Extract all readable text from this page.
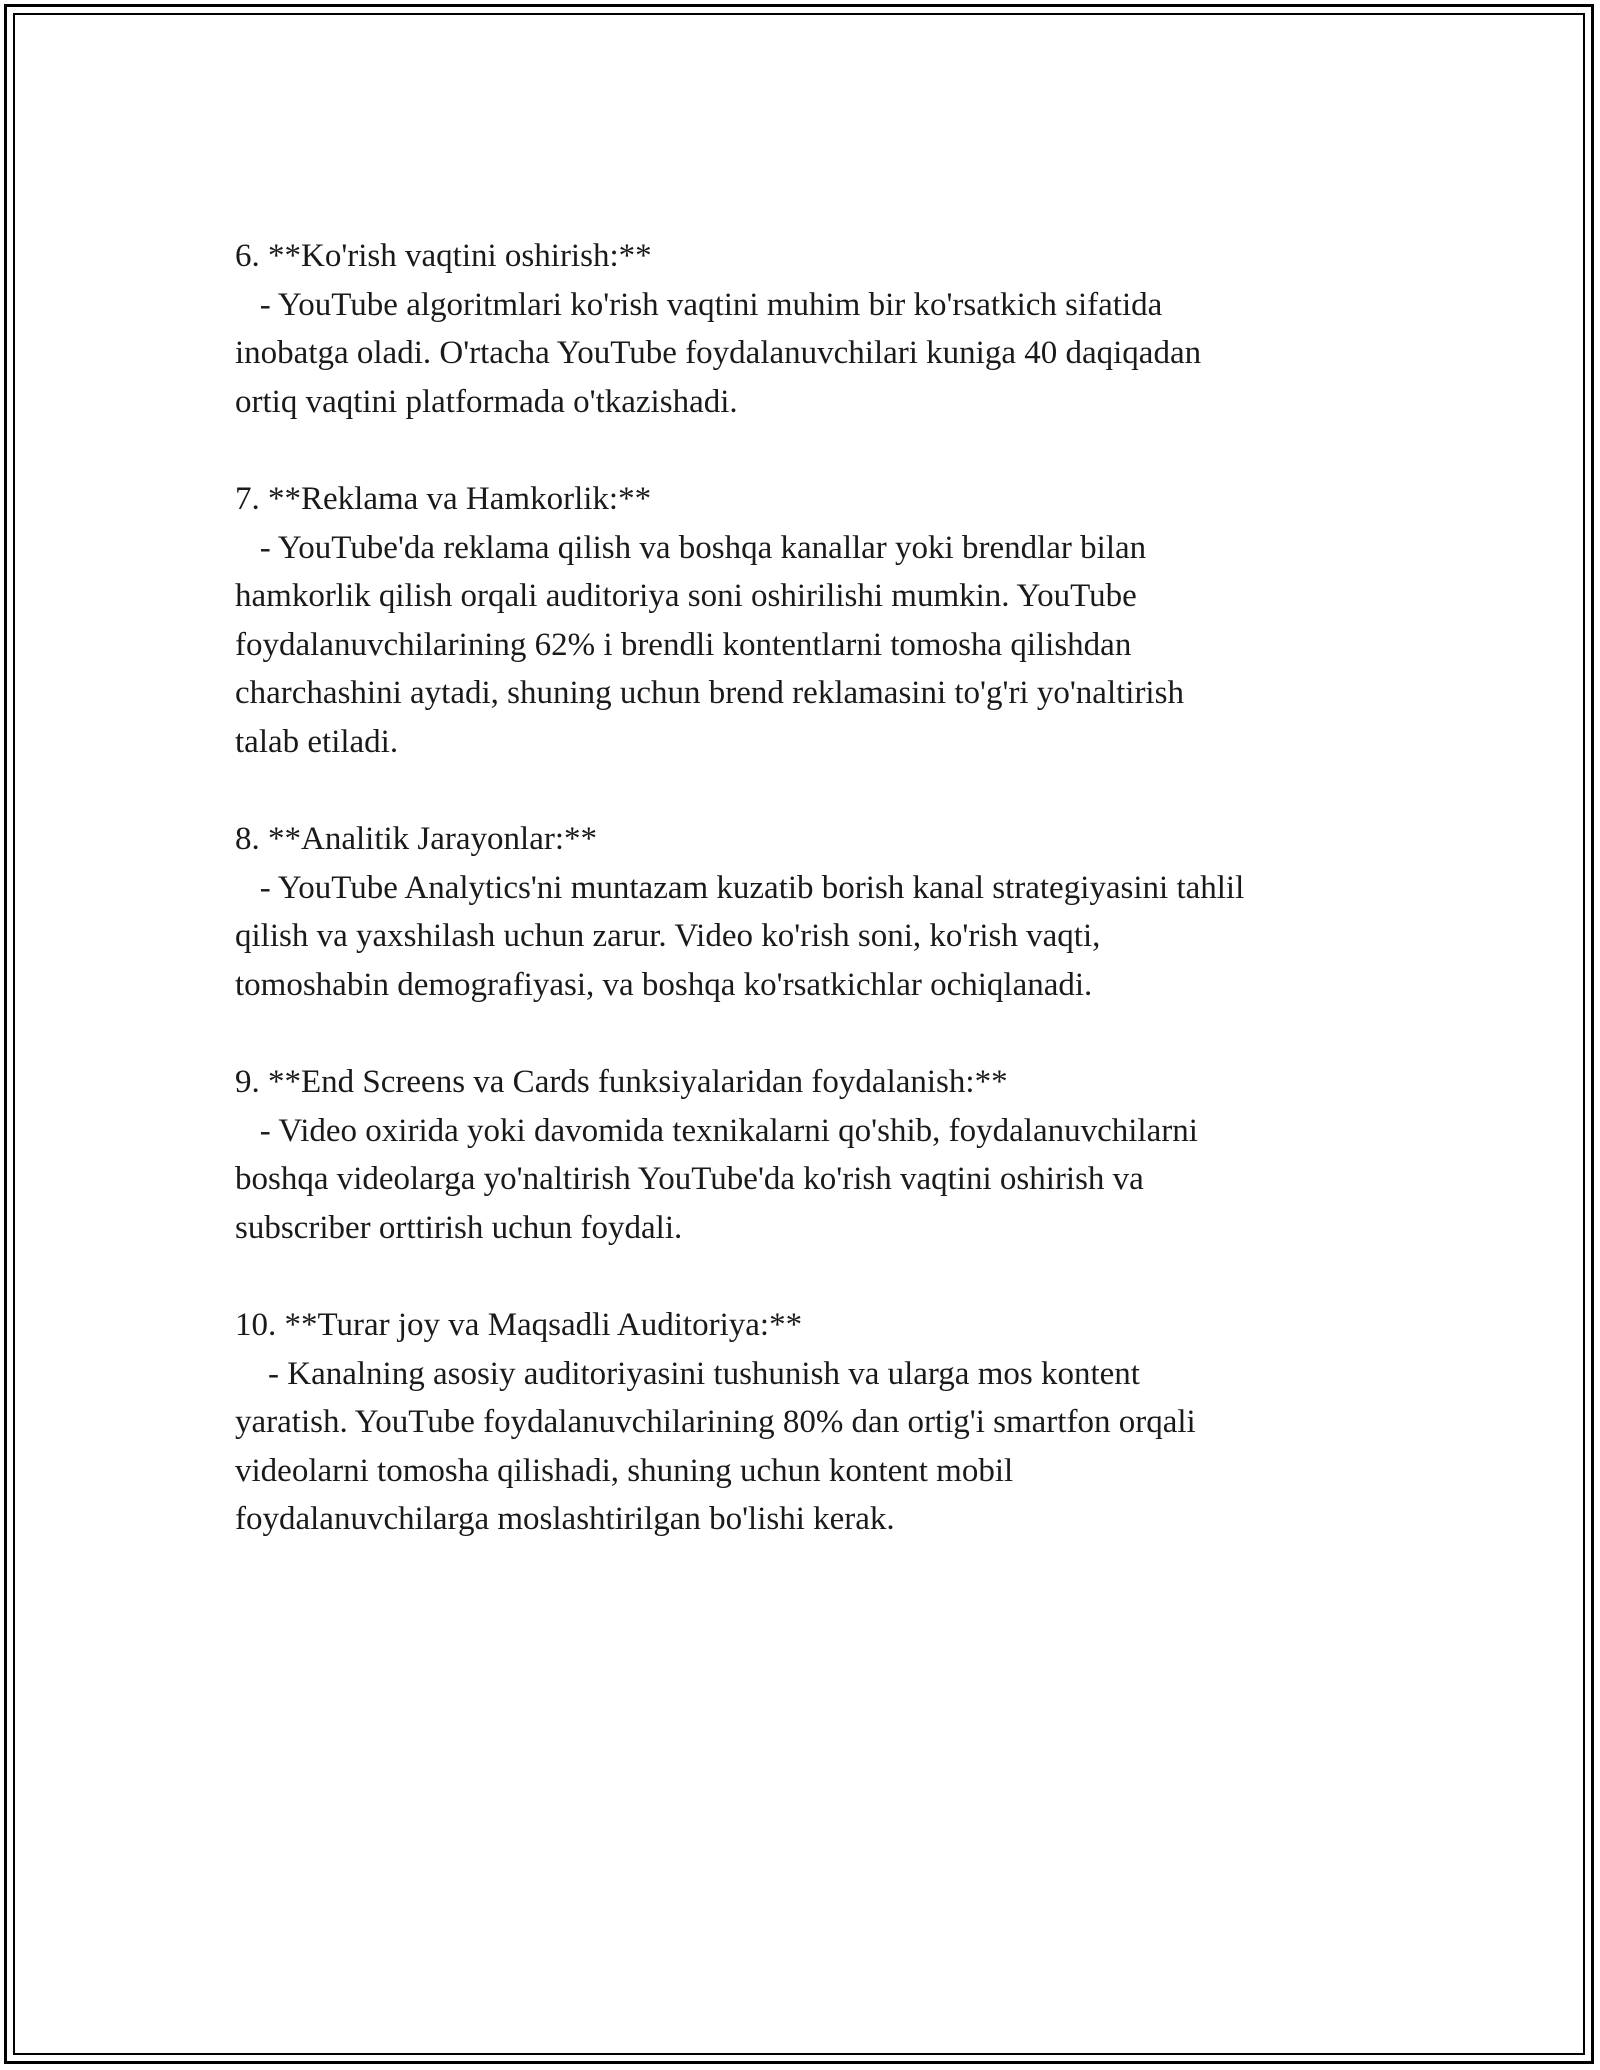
6. **Ko'rish vaqtini oshirish:**
- YouTube algoritmlari ko'rish vaqtini muhim bir ko'rsatkich sifatida
inobatga oladi. O'rtacha YouTube foydalanuvchilari kuniga 40 daqiqadan
ortiq vaqtini platformada o'tkazishadi.
7. **Reklama va Hamkorlik:**
- YouTube'da reklama qilish va boshqa kanallar yoki brendlar bilan
hamkorlik qilish orqali auditoriya soni oshirilishi mumkin. YouTube
foydalanuvchilarining 62% i brendli kontentlarni tomosha qilishdan
charchashini aytadi, shuning uchun brend reklamasini to'g'ri yo'naltirish
talab etiladi.
8. **Analitik Jarayonlar:**
- YouTube Analytics'ni muntazam kuzatib borish kanal strategiyasini tahlil
qilish va yaxshilash uchun zarur. Video ko'rish soni, ko'rish vaqti,
tomoshabin demografiyasi, va boshqa ko'rsatkichlar ochiqlanadi.
9. **End Screens va Cards funksiyalaridan foydalanish:**
- Video oxirida yoki davomida texnikalarni qo'shib, foydalanuvchilarni
boshqa videolarga yo'naltirish YouTube'da ko'rish vaqtini oshirish va
subscriber orttirish uchun foydali.
10. **Turar joy va Maqsadli Auditoriya:**
- Kanalning asosiy auditoriyasini tushunish va ularga mos kontent
yaratish. YouTube foydalanuvchilarining 80% dan ortig'i smartfon orqali
videolarni tomosha qilishadi, shuning uchun kontent mobil
foydalanuvchilarga moslashtirilgan bo'lishi kerak.
